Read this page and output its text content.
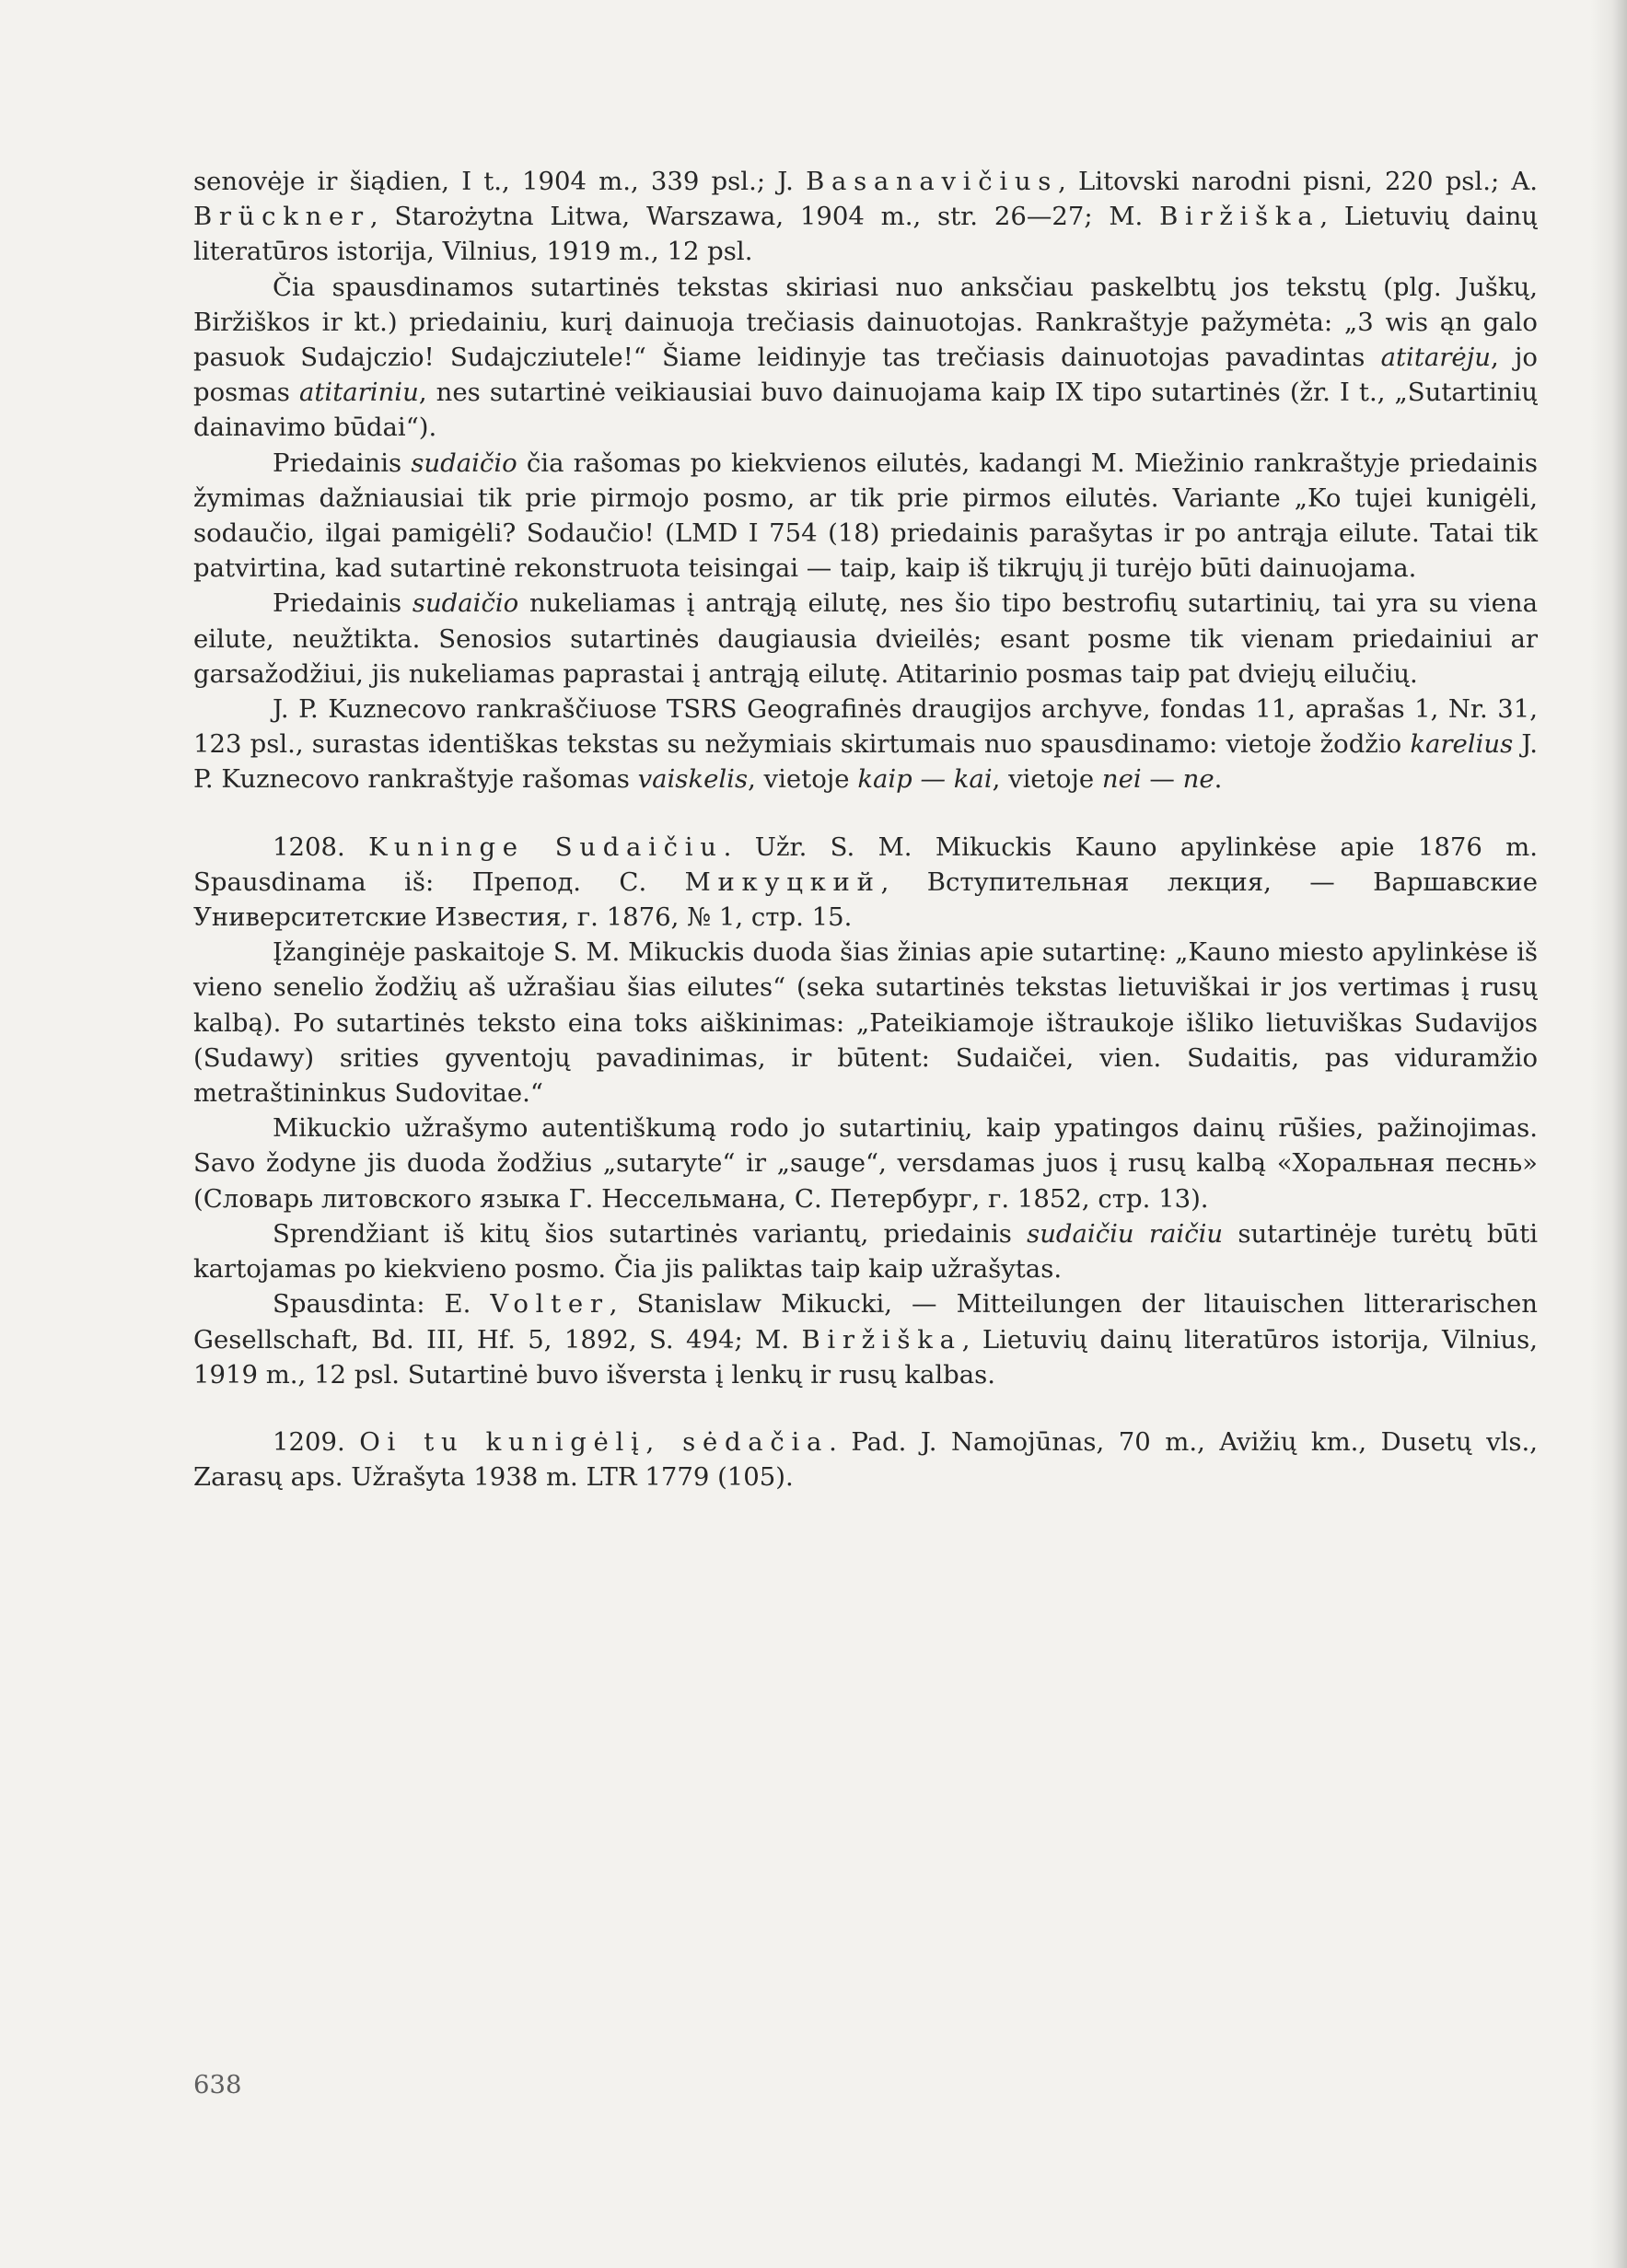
senovėje ir šiądien, I t., 1904 m., 339 psl.; J. Basanavičius, Litovski narodni pisni, 220 psl.; A. Brückner, Starożytna Litwa, Warszawa, 1904 m., str. 26—27; M. Biržiška, Lietuvių dainų literatūros istorija, Vilnius, 1919 m., 12 psl.

Čia spausdinamos sutartinės tekstas skiriasi nuo anksčiau paskelbtų jos tekstų (plg. Juškų, Biržiškos ir kt.) priedainiu, kurį dainuoja trečiasis dainuotojas. Rankraštyje pažymėta: „3 wis ąn galo pasuok Sudajczio! Sudajcziutele!“ Šiame leidinyje tas trečiasis dainuotojas pavadintas atitarėju, jo posmas atitariniu, nes sutartinė veikiausiai buvo dainuojama kaip IX tipo sutartinės (žr. I t., „Sutartinių dainavimo būdai“).

Priedainis sudaičio čia rašomas po kiekvienos eilutės, kadangi M. Miežinio rankraštyje priedainis žymimas dažniausiai tik prie pirmojo posmo, ar tik prie pirmos eilutės. Variante „Ko tujei kunigėli, sodaučio, ilgai pamigėli? Sodaučio! (LMD I 754 (18) priedainis parašytas ir po antrąja eilute. Tatai tik patvirtina, kad sutartinė rekonstruota teisingai — taip, kaip iš tikrųjų ji turėjo būti dainuojama.

Priedainis sudaičio nukeliamas į antrąją eilutę, nes šio tipo bestrofių sutartinių, tai yra su viena eilute, neužtikta. Senosios sutartinės daugiausia dvieilės; esant posme tik vienam priedainiui ar garsažodžiui, jis nukeliamas paprastai į antrąją eilutę. Atitarinio posmas taip pat dviejų eilučių.

J. P. Kuznecovo rankraščiuose TSRS Geografinės draugijos archyve, fondas 11, aprašas 1, Nr. 31, 123 psl., surastas identiškas tekstas su nežymiais skirtumais nuo spausdinamo: vietoje žodžio karelius J. P. Kuznecovo rankraštyje rašomas vaiskelis, vietoje kaip — kai, vietoje nei — ne.

1208. Kuninge Sudaičiu. Užr. S. M. Mikuckis Kauno apylinkėse apie 1876 m. Spausdinama iš: Препод. С. Микуцкий, Вступительная лекция, — Варшавские Университетские Известия, г. 1876, № 1, стр. 15.

Įžanginėje paskaitoje S. M. Mikuckis duoda šias žinias apie sutartinę: „Kauno miesto apylinkėse iš vieno senelio žodžių aš užrašiau šias eilutes“ (seka sutartinės tekstas lietuviškai ir jos vertimas į rusų kalbą). Po sutartinės teksto eina toks aiškinimas: „Pateikiamoje ištraukoje išliko lietuviškas Sudavijos (Sudawy) srities gyventojų pavadinimas, ir būtent: Sudaičei, vien. Sudaitis, pas viduramžio metraštininkus Sudovitae.“

Mikuckio užrašymo autentiškumą rodo jo sutartinių, kaip ypatingos dainų rūšies, pažinojimas. Savo žodyne jis duoda žodžius „sutaryte“ ir „sauge“, versdamas juos į rusų kalbą «Хоральная песнь» (Словарь литовского языка Г. Нессельмана, С. Петербург, г. 1852, стр. 13).

Sprendžiant iš kitų šios sutartinės variantų, priedainis sudaičiu raičiu sutartinėje turėtų būti kartojamas po kiekvieno posmo. Čia jis paliktas taip kaip užrašytas.

Spausdinta: E. Volter, Stanislaw Mikucki, — Mitteilungen der litauischen litterarischen Gesellschaft, Bd. III, Hf. 5, 1892, S. 494; M. Biržiška, Lietuvių dainų literatūros istorija, Vilnius, 1919 m., 12 psl. Sutartinė buvo išversta į lenkų ir rusų kalbas.

1209. Oi tu kunigėlį, sėdačia. Pad. J. Namojūnas, 70 m., Avižių km., Dusetų vls., Zarasų aps. Užrašyta 1938 m. LTR 1779 (105).

638
